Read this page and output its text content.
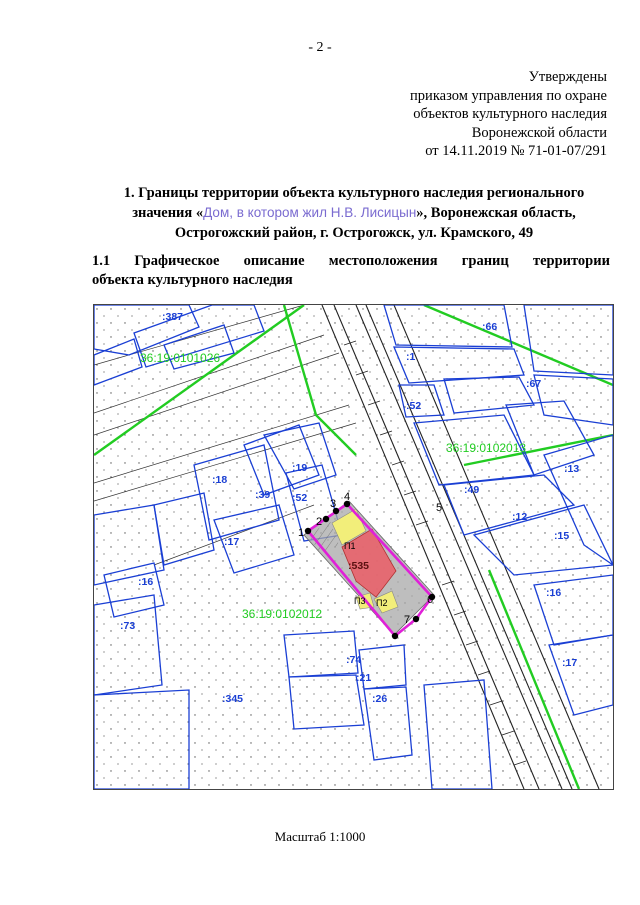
- 2 -
Утверждены
приказом управления по охране
объектов культурного наследия
Воронежской области
от 14.11.2019 № 71-01-07/291
1. Границы территории объекта культурного наследия регионального значения «Дом, в котором жил Н.В. Лисицын», Воронежская область, Острогожский район, г. Острогожск, ул. Крамского, 49
1.1 Графическое описание местоположения границ территории
объекта культурного наследия
1
2
3
4
5
6
7
П1
П2
П3
36:19:0101026
36:19:0102013
36:19:0102012
:387
:66
:1
:67
:52
:13
:49
:19
:18
:39 :52
:12
:15
:17
:16
:73
:16
:74
:21
:26
:345
:17
:535
Масштаб 1:1000
